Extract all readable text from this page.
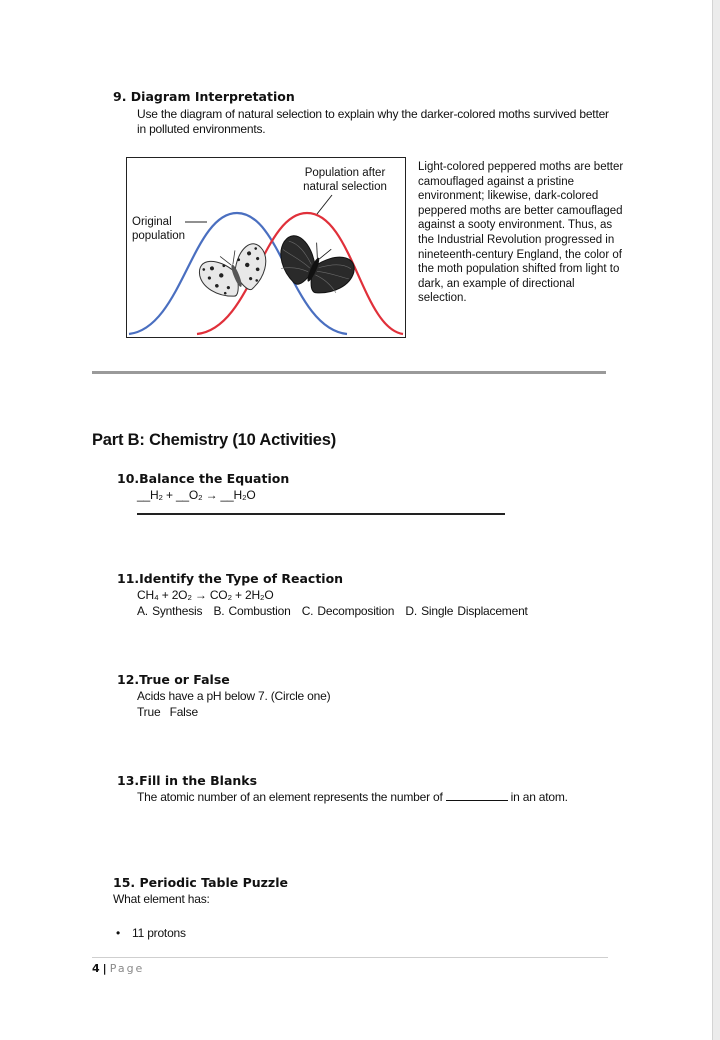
9. Diagram Interpretation
Use the diagram of natural selection to explain why the darker-colored moths survived better in polluted environments.
Population after natural selection
Original population
Light-colored peppered moths are better camouflaged against a pristine environment; likewise, dark-colored peppered moths are better camouflaged against a sooty environment. Thus, as the Industrial Revolution progressed in nineteenth-century England, the color of the moth population shifted from light to dark, an example of directional selection.
Part B: Chemistry (10 Activities)
10.Balance the Equation
__H₂ + __O₂ → __H₂O
11.Identify the Type of Reaction
CH₄ + 2O₂ → CO₂ + 2H₂O
A. Synthesis B. Combustion C. Decomposition D. Single Displacement
12.True or False
Acids have a pH below 7. (Circle one)
True False
13.Fill in the Blanks
The atomic number of an element represents the number of	in an atom.
15. Periodic Table Puzzle
What element has:
• 11 protons
4 | Page
